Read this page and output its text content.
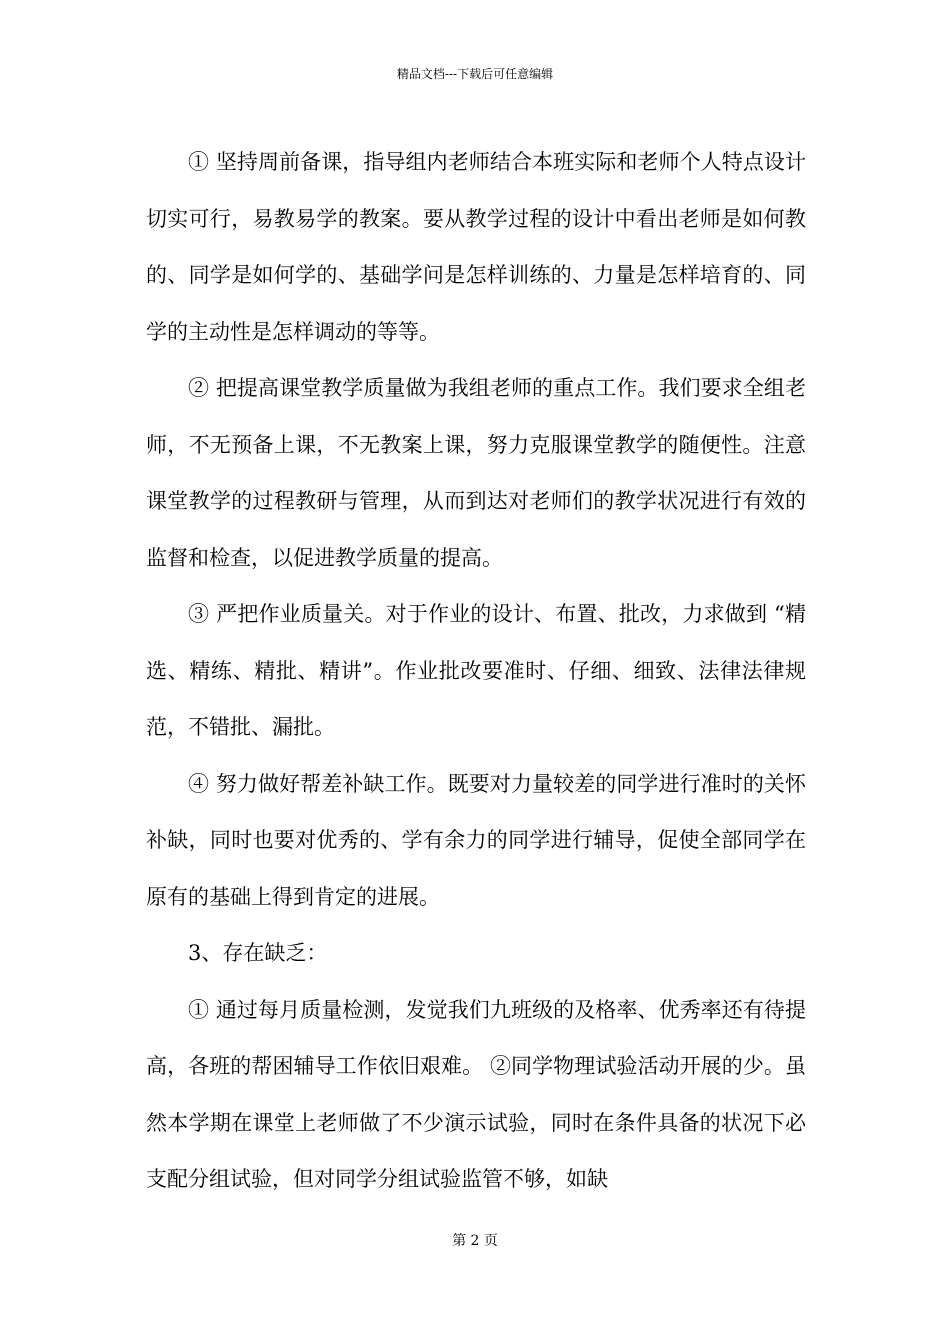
精品文档---下载后可任意编辑

① 坚持周前备课，指导组内老师结合本班实际和老师个人特点设计切实可行，易教易学的教案。要从教学过程的设计中看出老师是如何教的、同学是如何学的、基础学问是怎样训练的、力量是怎样培育的、同学的主动性是怎样调动的等等。

② 把提高课堂教学质量做为我组老师的重点工作。我们要求全组老师，不无预备上课，不无教案上课，努力克服课堂教学的随便性。注意课堂教学的过程教研与管理，从而到达对老师们的教学状况进行有效的监督和检查，以促进教学质量的提高。

③ 严把作业质量关。对于作业的设计、布置、批改，力求做到 “精选、精练、精批、精讲”。作业批改要准时、仔细、细致、法律法律规范，不错批、漏批。

④ 努力做好帮差补缺工作。既要对力量较差的同学进行准时的关怀补缺，同时也要对优秀的、学有余力的同学进行辅导，促使全部同学在原有的基础上得到肯定的进展。

3、存在缺乏：

① 通过每月质量检测，发觉我们九班级的及格率、优秀率还有待提高，各班的帮困辅导工作依旧艰难。 ②同学物理试验活动开展的少。虽然本学期在课堂上老师做了不少演示试验，同时在条件具备的状况下必支配分组试验，但对同学分组试验监管不够，如缺

第 2 页
